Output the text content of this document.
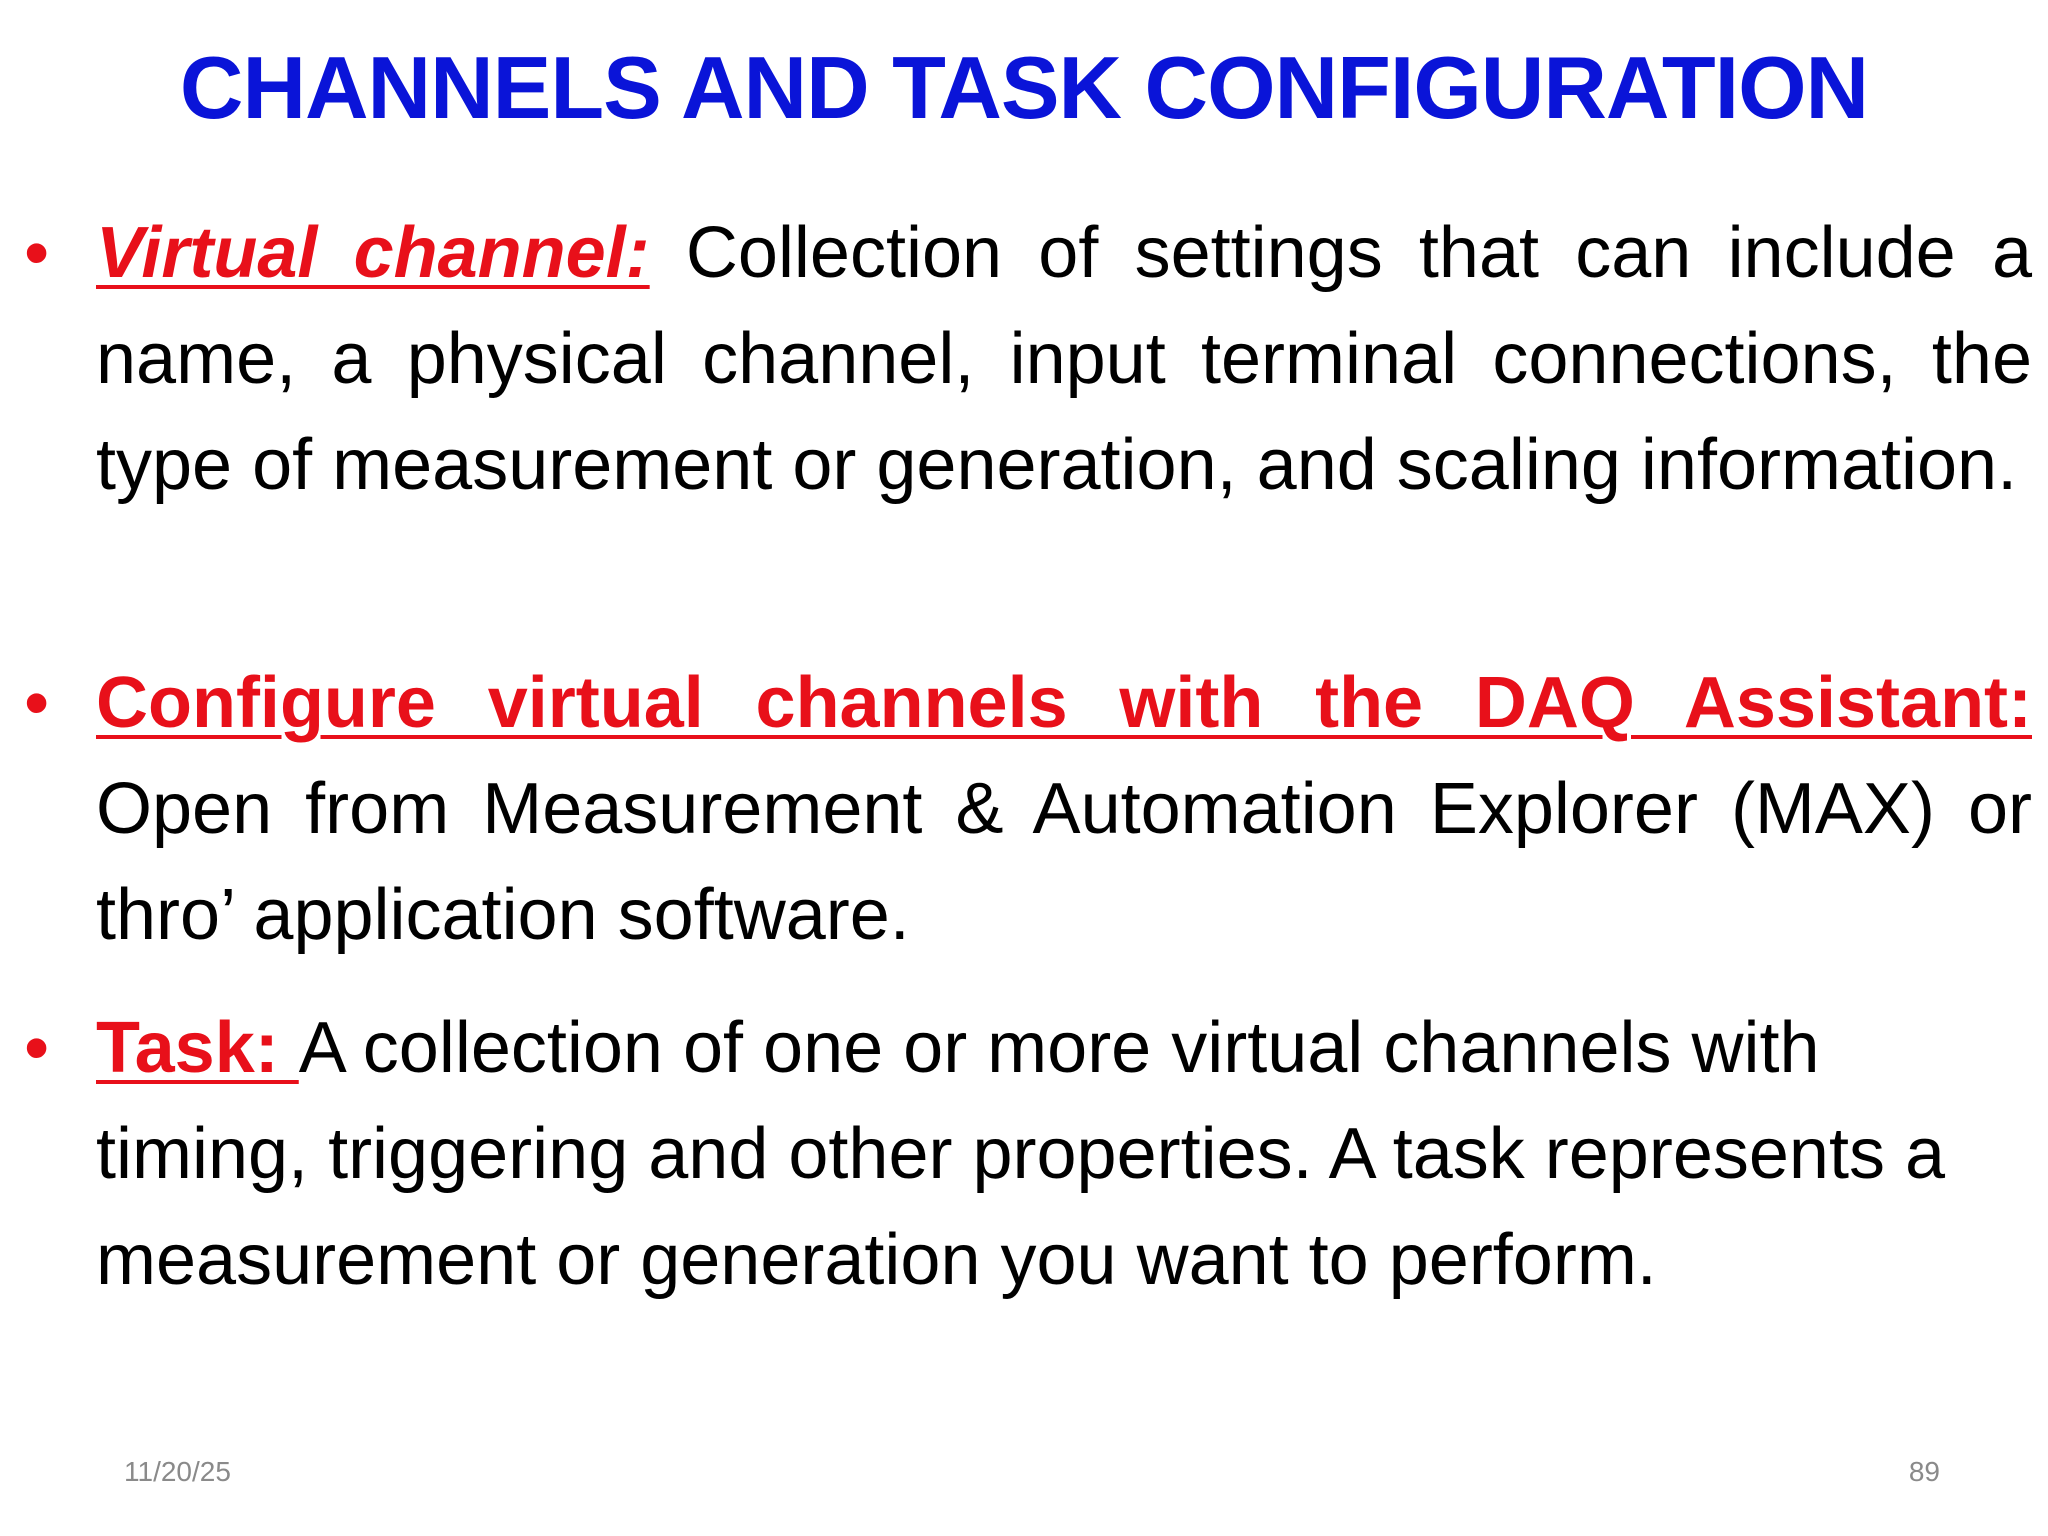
CHANNELS AND TASK CONFIGURATION
• Virtual channel: Collection of settings that can include a name, a physical channel, input terminal connections, the type of measurement or generation, and scaling information.
• Configure virtual channels with the DAQ Assistant: Open from Measurement & Automation Explorer (MAX) or thro’ application software.
• Task: A collection of one or more virtual channels with timing, triggering and other properties. A task represents a measurement or generation you want to perform.
11/20/25	89
